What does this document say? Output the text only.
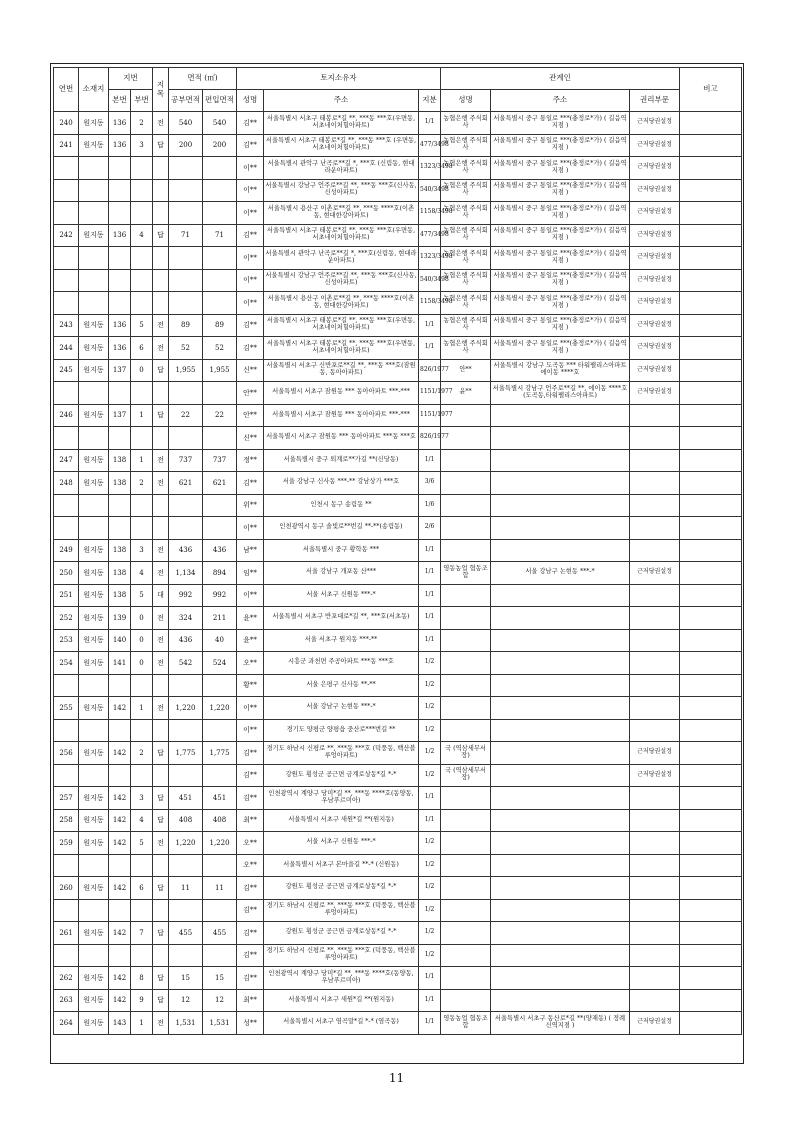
연번	소재지	지번		지목	면적 (㎡)		토지소유자			관계인			비고
		본번	부번		공부면적	편입면적	성명	주소	지분	성명	주소	권리부문	
240	원지동	136	2	전	540	540	김**	서울특별시 서초구 태봉로*길 **, ***동 ***호(우면동, 서초네이처힐아파트)	1/1	농협은행 주식회사	서울특별시 중구 통일로 ***(충정로*가) ( 길음역지점 )	근저당권설정	
241	원지동	136	3	답	200	200	김**	서울특별시 서초구 태봉로*길 **, ***동 ***호 (우면동, 서초네이처힐아파트)	477/3498	농협은행 주식회사	서울특별시 중구 통일로 ***(충정로*가) ( 길음역지점 )	근저당권설정	
							이**	서울특별시 관악구 난곡로**길 *, ***호 (신림동, 현대라운아파트)	1323/3498	농협은행 주식회사	서울특별시 중구 통일로 ***(충정로*가) ( 길음역지점 )	근저당권설정	
							이**	서울특별시 강남구 언주로**길 **, ***동 ***호(신사동, 신성아파트)	540/3498	농협은행 주식회사	서울특별시 중구 통일로 ***(충정로*가) ( 길음역지점 )	근저당권설정	
							이**	서울특별시 용산구 이촌로**길 **, ***동 ****호(이촌동, 현대한강아파트)	1158/3498	농협은행 주식회사	서울특별시 중구 통일로 ***(충정로*가) ( 길음역지점 )	근저당권설정	
242	원지동	136	4	답	71	71	김**	서울특별시 서초구 태봉로*길 **, ***동 ***호(우면동, 서초네이처힐아파트)	477/3498	농협은행 주식회사	서울특별시 중구 통일로 ***(충정로*가) ( 길음역지점 )	근저당권설정	
							이**	서울특별시 관악구 난곡로**길 *, ***호(신림동, 현대라운아파트)	1323/3498	농협은행 주식회사	서울특별시 중구 통일로 ***(충정로*가) ( 길음역지점 )	근저당권설정	
							이**	서울특별시 강남구 언주로**길 **, ***동 ***호(신사동, 신성아파트)	540/3498	농협은행 주식회사	서울특별시 중구 통일로 ***(충정로*가) ( 길음역지점 )	근저당권설정	
							이**	서울특별시 용산구 이촌로**길 **, ***동 ****호(이촌동, 현대한강아파트)	1158/3498	농협은행 주식회사	서울특별시 중구 통일로 ***(충정로*가) ( 길음역지점 )	근저당권설정	
243	원지동	136	5	전	89	89	김**	서울특별시 서초구 태봉로*길 **, ***동 ***호(우면동, 서초네이처힐아파트)	1/1	농협은행 주식회사	서울특별시 중구 통일로 ***(충정로*가) ( 길음역지점 )	근저당권설정	
244	원지동	136	6	전	52	52	김**	서울특별시 서초구 태봉로*길 **, ***동 ***호(우면동, 서초네이처힐아파트)	1/1	농협은행 주식회사	서울특별시 중구 통일로 ***(충정로*가) ( 길음역지점 )	근저당권설정	
245	원지동	137	0	답	1,955	1,955	신**	서울특별시 서초구 신반포로**길 **, ***동 ***호(잠원동, 동아아파트)	826/1977	안**	서울특별시 강남구 도곡동 *** 타워팰리스아파트 에이동 ****호	근저당권설정	
							안**	서울특별시 서초구 잠원동 *** 동아아파트 ***-***	1151/1977	윤**	서울특별시 강남구 언주로**길 **, 에이동 ****호(도곡동,타워팰리스아파트)	근저당권설정	
246	원지동	137	1	답	22	22	안**	서울특별시 서초구 잠원동 *** 동아아파트 ***-***	1151/1977				
							신**	서울특별시 서초구 잠원동 *** 동아아파트 ***동 ***호	826/1977				
247	원지동	138	1	전	737	737	정**	서울특별시 중구 퇴계로**가길 **(신당동)	1/1				
248	원지동	138	2	전	621	621	김**	서울 강남구 신사동 ***-** 강남상가 ***호	3/6				
							위**	인천시 동구 송림동 **	1/6				
							이**	인천광역시 동구 솔빛로**번길 **-**(송림동)	2/6				
249	원지동	138	3	전	436	436	남**	서울특별시 중구 황학동 ***	1/1				
250	원지동	138	4	전	1,134	894	임**	서울 강남구 개포동 산***	1/1	영동농업 협동조합	서울 강남구 논현동 ***-*	근저당권설정	
251	원지동	138	5	대	992	992	이**	서울 서초구 신원동 ***-*	1/1				
252	원지동	139	0	전	324	211	윤**	서울특별시 서초구 반포대로*길 **, ***호(서초동)	1/1				
253	원지동	140	0	전	436	40	윤**	서울 서초구 원지동 ***-**	1/1				
254	원지동	141	0	전	542	524	오**	시흥군 과천면 주공아파트 ***동 ***호	1/2				
							황**	서울 은평구 신사동 **-**	1/2				
255	원지동	142	1	전	1,220	1,220	이**	서울 강남구 논현동 ***-*	1/2				
							이**	경기도 양평군 양평읍 중산로***번길 **	1/2				
256	원지동	142	2	답	1,775	1,775	김**	경기도 하남시 신평로 **, ***동 ***호 (덕풍동, 백산블루엉아파트)	1/2	국 (역삼세무서장)		근저당권설정	
							김**	강원도 횡성군 공근면 금계로상동*길 *-*	1/2	국 (역삼세무서장)		근저당권설정	
257	원지동	142	3	답	451	451	김**	인천광역시 계양구 당미*길 **, ***동 ****호(동양동, 우남푸르미아)	1/1				
258	원지동	142	4	답	408	408	최**	서울특별시 서초구 새원*길 **(원지동)	1/1				
259	원지동	142	5	전	1,220	1,220	오**	서울 서초구 신원동 ***-*	1/2				
							오**	서울특별시 서초구 본마을길 **-* (신원동)	1/2				
260	원지동	142	6	답	11	11	김**	강원도 횡성군 공근면 금계로상동*길 *-*	1/2				
							김**	경기도 하남시 신평로 **, ***동 ***호 (덕풍동, 백산블루엉아파트)	1/2				
261	원지동	142	7	답	455	455	김**	강원도 횡성군 공근면 금계로상동*길 *-*	1/2				
							김**	경기도 하남시 신평로 **, ***동 ***호 (덕풍동, 백산블루엉아파트)	1/2				
262	원지동	142	8	답	15	15	김**	인천광역시 계양구 당미*길 **, ***동 ****호(동양동, 우남푸르미아)	1/1				
263	원지동	142	9	답	12	12	최**	서울특별시 서초구 새원*길 **(원지동)	1/1				
264	원지동	143	1	전	1,531	1,531	성**	서울특별시 서초구 염곡말*길 *-* (염곡동)	1/1	영동농업 협동조합	서울특별시 서초구 동산로*길 **(양재동) ( 정례신역지점 )	근저당권설정	
11
